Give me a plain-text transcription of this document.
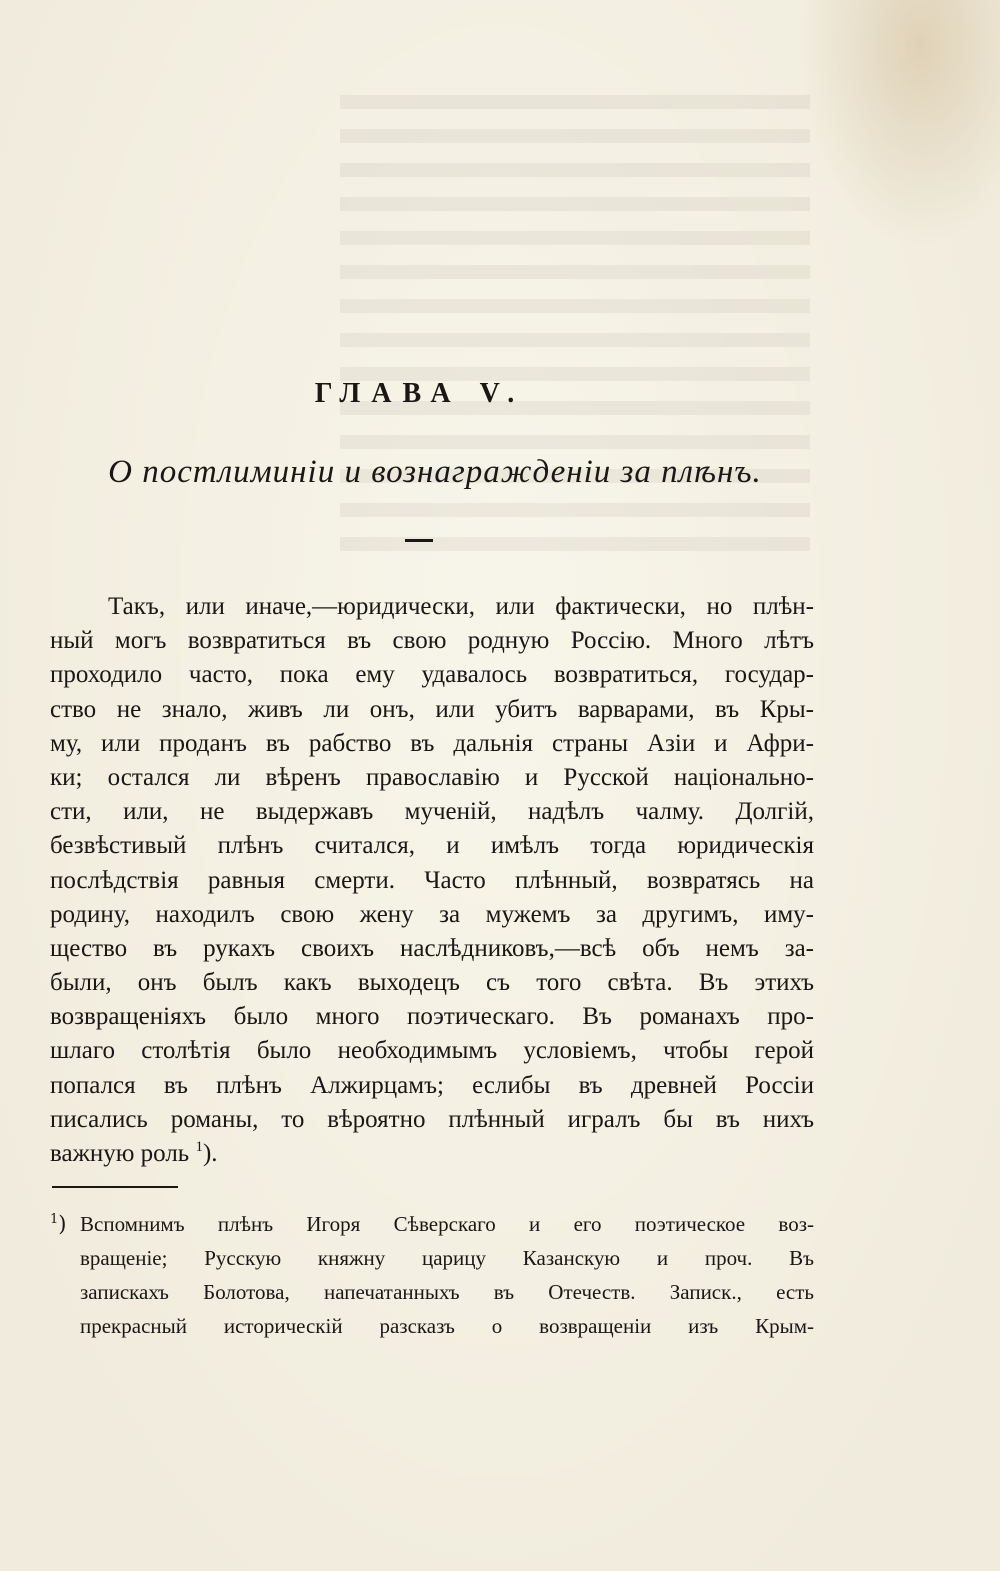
ГЛАВА V.
О постлиминіи и вознагражденіи за плѣнъ.
Такъ, или иначе,—юридически, или фактически, но плѣн-
ный могъ возвратиться въ свою родную Россію. Много лѣтъ
проходило часто, пока ему удавалось возвратиться, государ-
ство не знало, живъ ли онъ, или убитъ варварами, въ Кры-
му, или проданъ въ рабство въ дальнія страны Азіи и Афри-
ки; остался ли вѣренъ православію и Русской національно-
сти, или, не выдержавъ мученій, надѣлъ чалму. Долгій,
безвѣстивый плѣнъ считался, и имѣлъ тогда юридическія
послѣдствія равныя смерти. Часто плѣнный, возвратясь на
родину, находилъ свою жену за мужемъ за другимъ, иму-
щество въ рукахъ своихъ наслѣдниковъ,—всѣ объ немъ за-
были, онъ былъ какъ выходецъ съ того свѣта. Въ этихъ
возвращеніяхъ было много поэтическаго. Въ романахъ про-
шлаго столѣтія было необходимымъ условіемъ, чтобы герой
попался въ плѣнъ Алжирцамъ; еслибы въ древней Россіи
писались романы, то вѣроятно плѣнный игралъ бы въ нихъ
важную роль $^1$).
$^1$) Вспомнимъ плѣнъ Игоря Сѣверскаго и его поэтическое воз-
вращеніе; Русскую княжну царицу Казанскую и проч. Въ
запискахъ Болотова, напечатанныхъ въ Отечеств. Записк., есть
прекрасный историческій разсказъ о возвращеніи изъ Крым-
